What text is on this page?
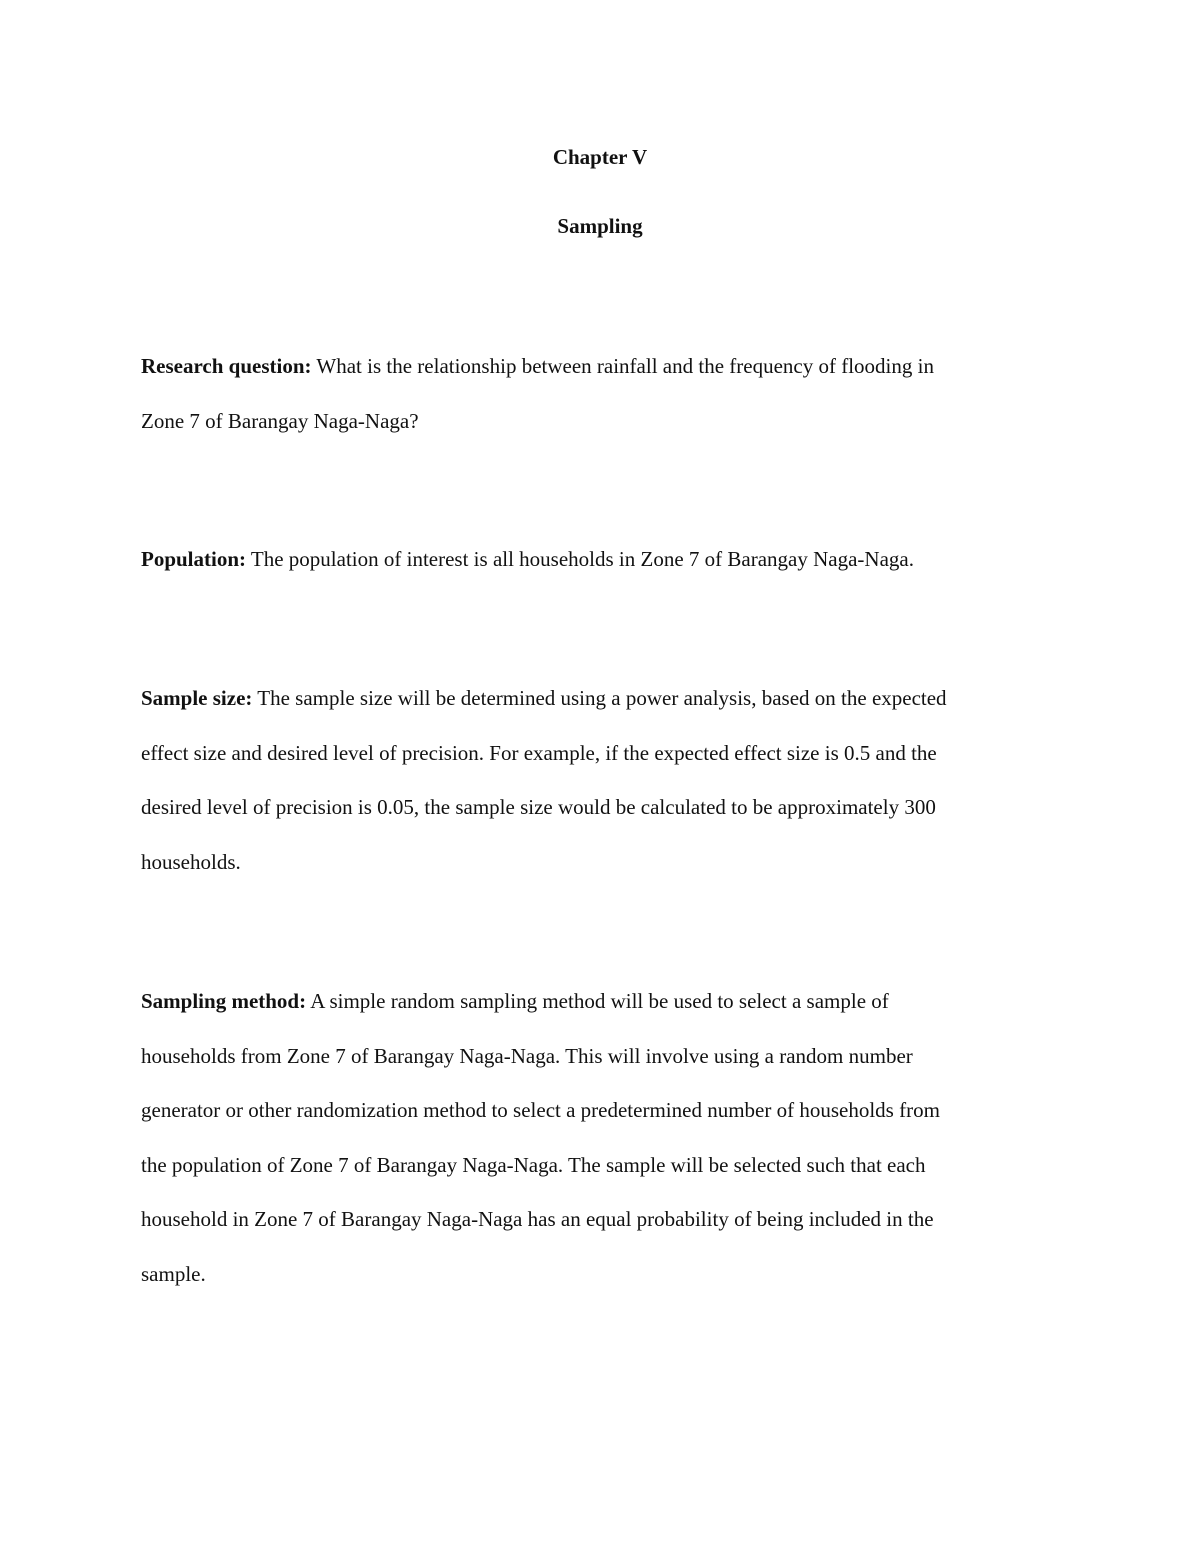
Chapter V
Sampling

Research question: What is the relationship between rainfall and the frequency of flooding in
Zone 7 of Barangay Naga-Naga?

Population: The population of interest is all households in Zone 7 of Barangay Naga-Naga.

Sample size: The sample size will be determined using a power analysis, based on the expected
effect size and desired level of precision. For example, if the expected effect size is 0.5 and the
desired level of precision is 0.05, the sample size would be calculated to be approximately 300
households.

Sampling method: A simple random sampling method will be used to select a sample of
households from Zone 7 of Barangay Naga-Naga. This will involve using a random number
generator or other randomization method to select a predetermined number of households from
the population of Zone 7 of Barangay Naga-Naga. The sample will be selected such that each
household in Zone 7 of Barangay Naga-Naga has an equal probability of being included in the
sample.
